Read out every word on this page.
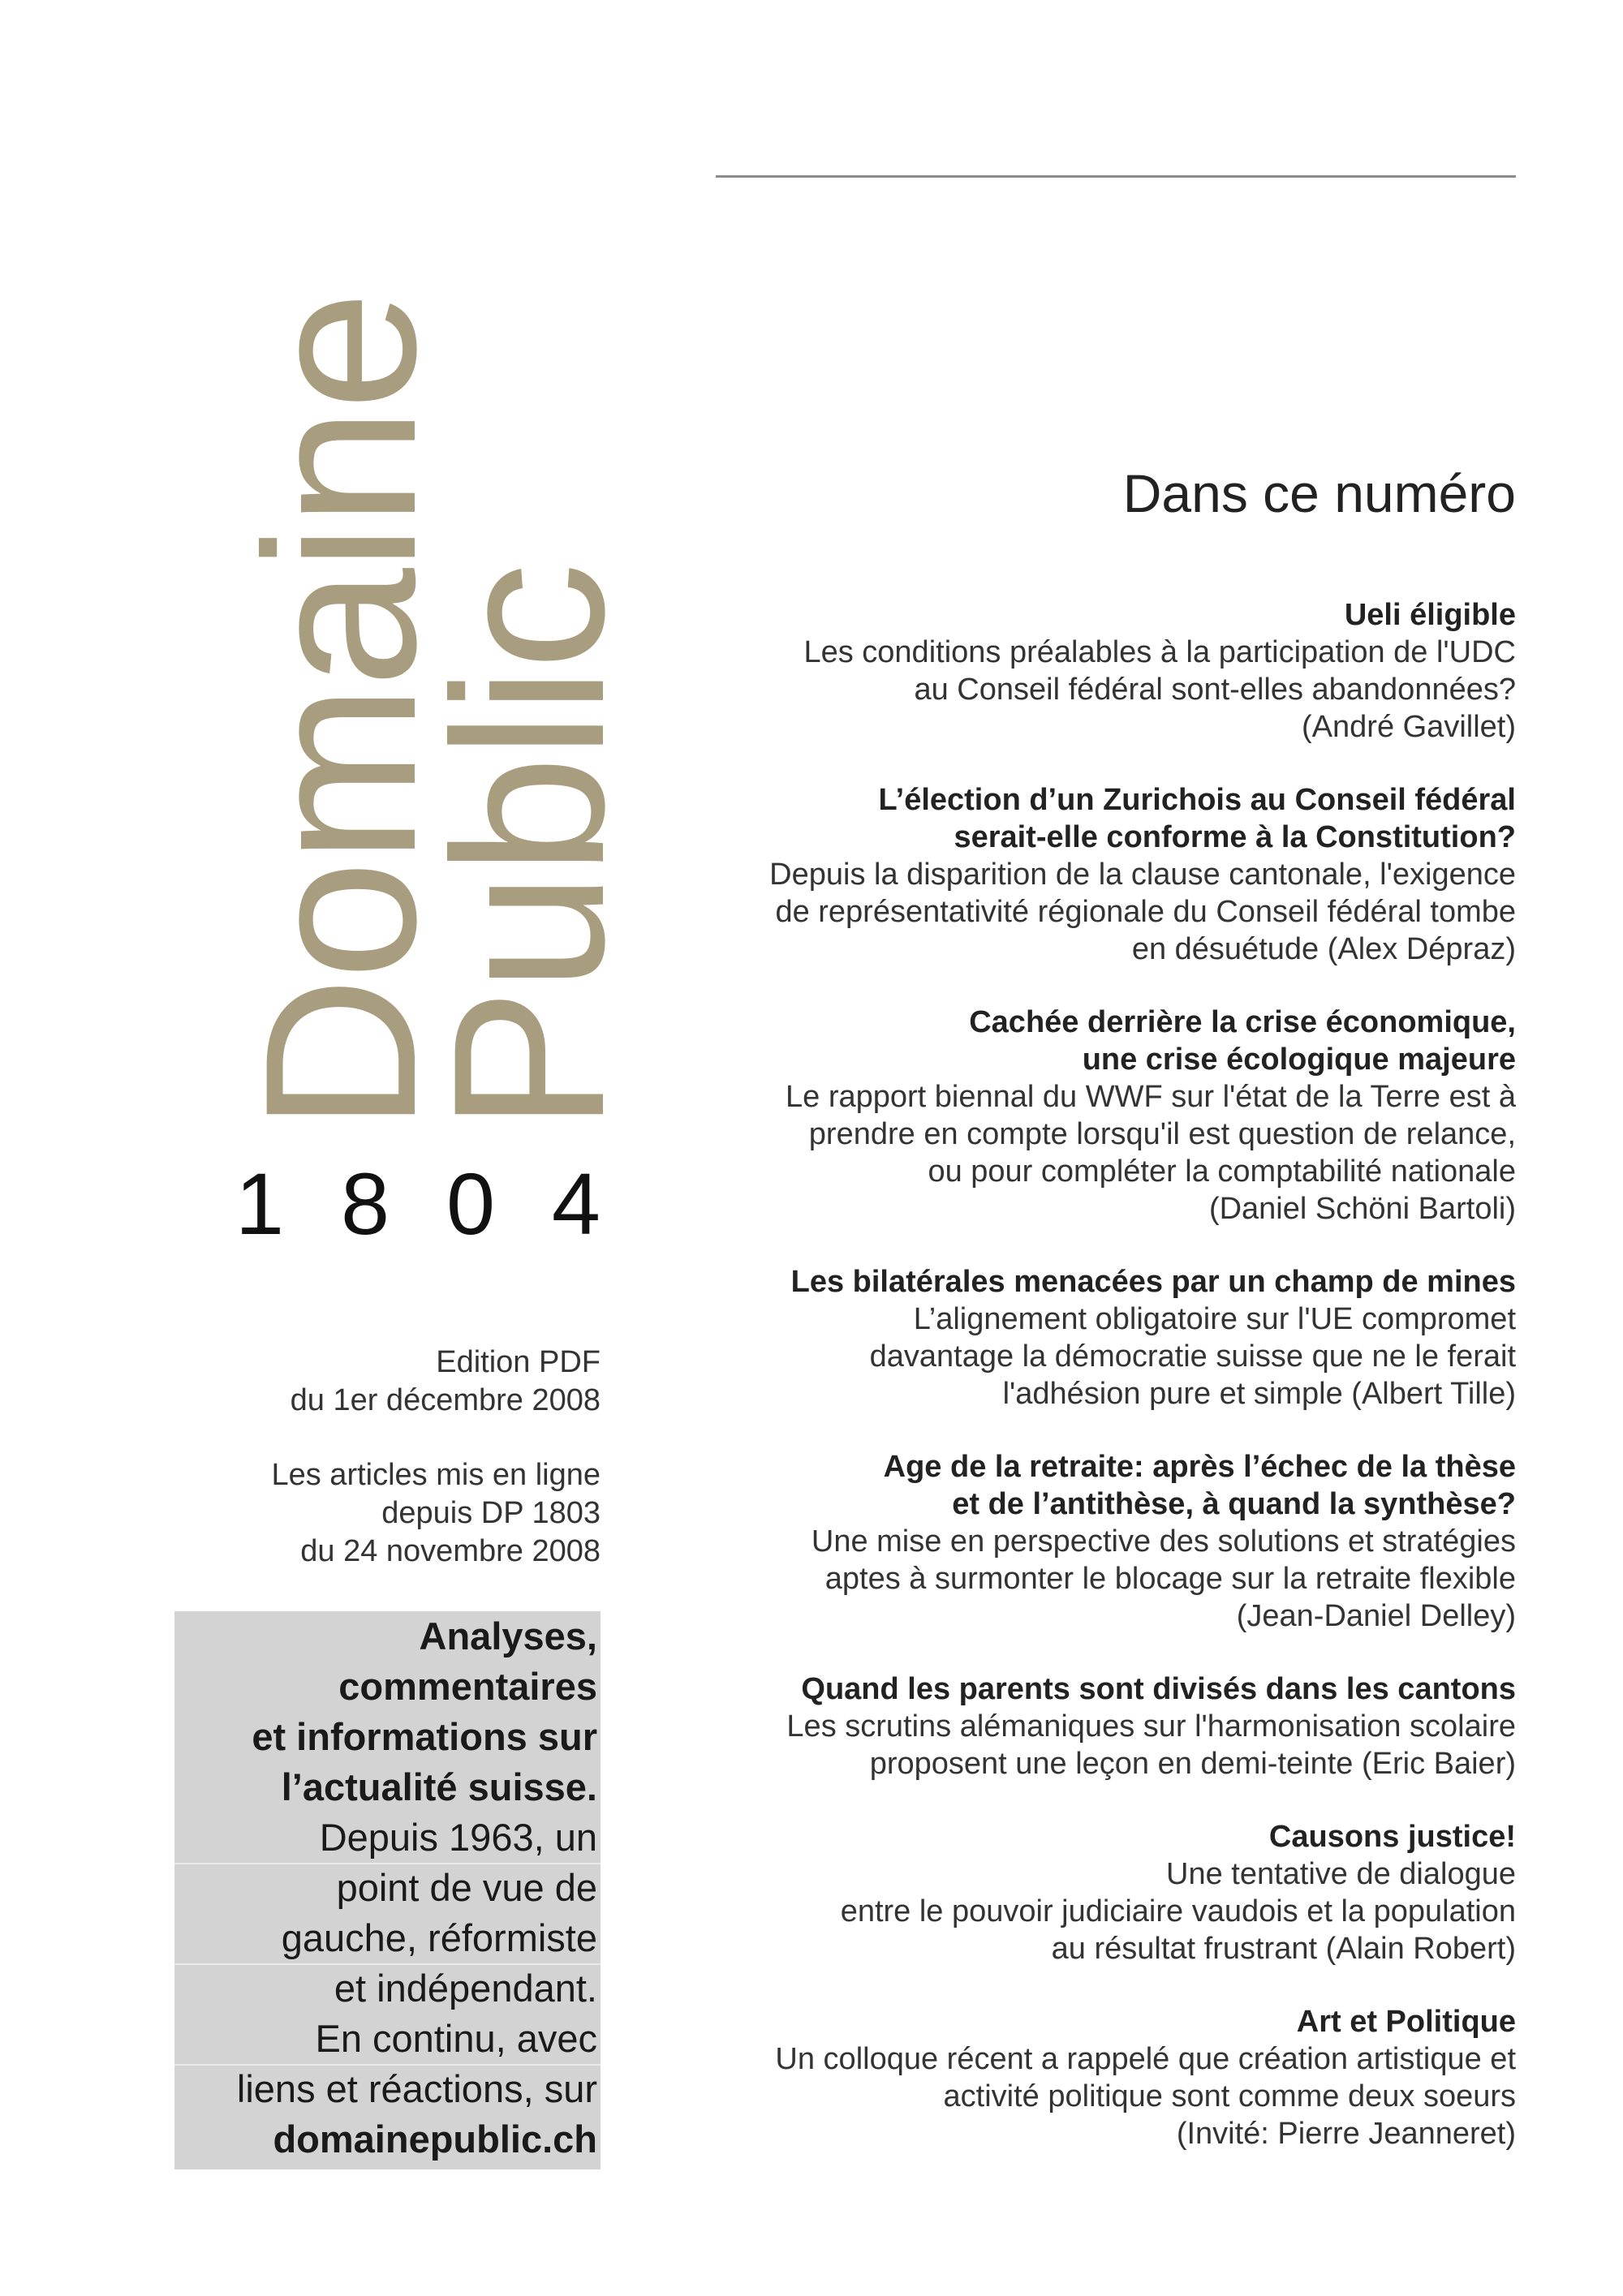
Domaine
Public
1 8 0 4
Edition PDF
du 1er décembre 2008
Les articles mis en ligne
depuis DP 1803
du 24 novembre 2008
Analyses,
commentaires
et informations sur
l’actualité suisse.
Depuis 1963, un
point de vue de
gauche, réformiste
et indépendant.
En continu, avec
liens et réactions, sur
domainepublic.ch
Dans ce numéro
Ueli éligible
Les conditions préalables à la participation de l'UDC
au Conseil fédéral sont-elles abandonnées?
(André Gavillet)
L’élection d’un Zurichois au Conseil fédéral
serait-elle conforme à la Constitution?
Depuis la disparition de la clause cantonale, l'exigence
de représentativité régionale du Conseil fédéral tombe
en désuétude (Alex Dépraz)
Cachée derrière la crise économique,
une crise écologique majeure
Le rapport biennal du WWF sur l'état de la Terre est à
prendre en compte lorsqu'il est question de relance,
ou pour compléter la comptabilité nationale
(Daniel Schöni Bartoli)
Les bilatérales menacées par un champ de mines
L’alignement obligatoire sur l'UE compromet
davantage la démocratie suisse que ne le ferait
l'adhésion pure et simple (Albert Tille)
Age de la retraite: après l’échec de la thèse
et de l’antithèse, à quand la synthèse?
Une mise en perspective des solutions et stratégies
aptes à surmonter le blocage sur la retraite flexible
(Jean-Daniel Delley)
Quand les parents sont divisés dans les cantons
Les scrutins alémaniques sur l'harmonisation scolaire
proposent une leçon en demi-teinte (Eric Baier)
Causons justice!
Une tentative de dialogue
entre le pouvoir judiciaire vaudois et la population
au résultat frustrant (Alain Robert)
Art et Politique
Un colloque récent a rappelé que création artistique et
activité politique sont comme deux soeurs
(Invité: Pierre Jeanneret)
